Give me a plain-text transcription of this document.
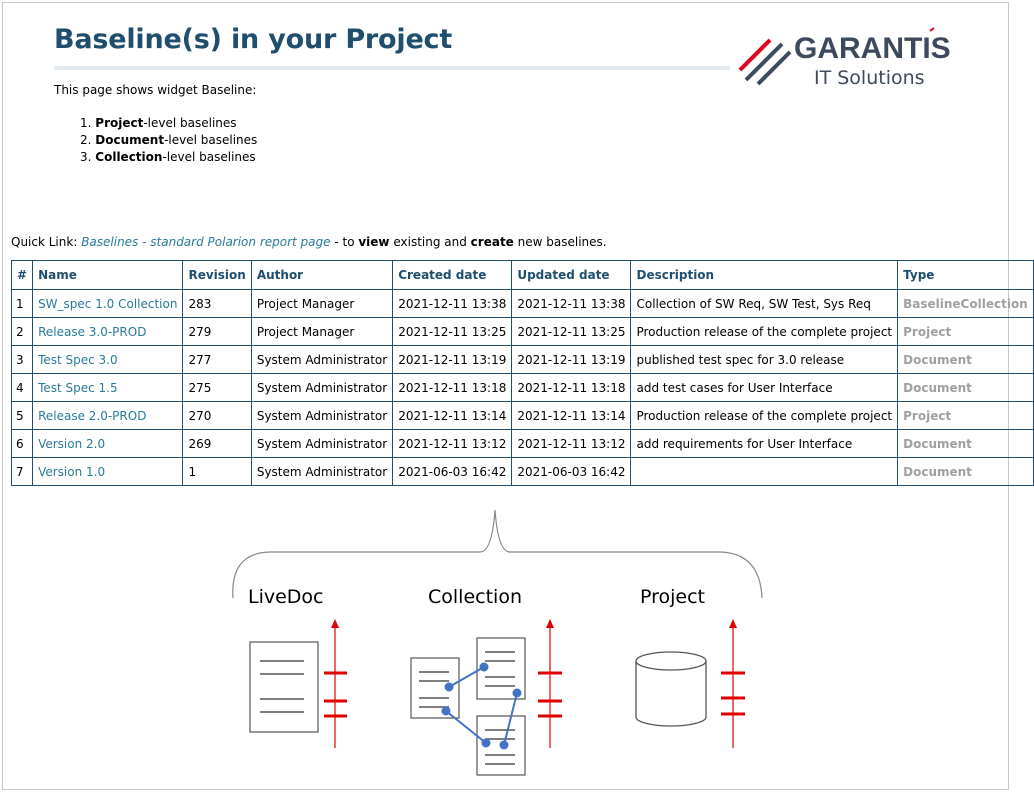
Baseline(s) in your Project	GARANTIS
IT Solutions
This page shows widget Baseline:
1. Project-level baselines
2. Document-level baselines
3. Collection-level baselines
Quick Link: Baselines - standard Polarion report page - to view existing and create new baselines.
#	Name	Revision	Author	Created date	Updated date	Description	Type
1	SW_spec 1.0 Collection	283	Project Manager	2021-12-11 13:38	2021-12-11 13:38	Collection of SW Req, SW Test, Sys Req	BaselineCollection
2	Release 3.0-PROD	279	Project Manager	2021-12-11 13:25	2021-12-11 13:25	Production release of the complete project	Project
3	Test Spec 3.0	277	System Administrator	2021-12-11 13:19	2021-12-11 13:19	published test spec for 3.0 release	Document
4	Test Spec 1.5	275	System Administrator	2021-12-11 13:18	2021-12-11 13:18	add test cases for User Interface	Document
5	Release 2.0-PROD	270	System Administrator	2021-12-11 13:14	2021-12-11 13:14	Production release of the complete project	Project
6	Version 2.0	269	System Administrator	2021-12-11 13:12	2021-12-11 13:12	add requirements for User Interface	Document
7	Version 1.0	1	System Administrator	2021-06-03 16:42	2021-06-03 16:42		Document
LiveDoc	Collection	Project
